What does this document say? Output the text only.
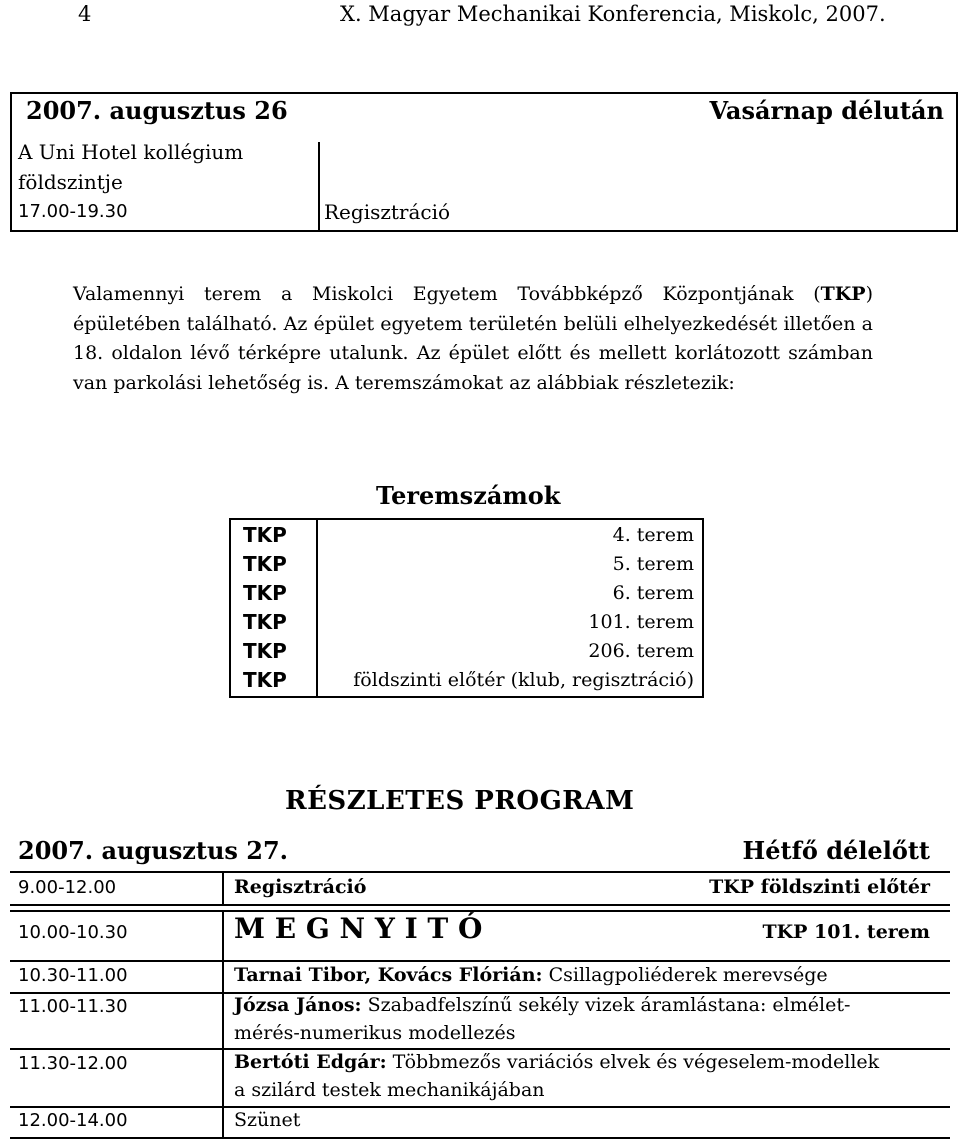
4	X. Magyar Mechanikai Konferencia, Miskolc, 2007.
2007. augusztus 26	Vasárnap délután
A Uni Hotel kollégium
földszintje
17.00-19.30	Regisztráció
Valamennyi terem a Miskolci Egyetem Továbbképző Központjának (TKP) épületében található. Az épület egyetem területén belüli elhelyezkedését illetően a 18. oldalon lévő térképre utalunk. Az épület előtt és mellett korlátozott számban van parkolási lehetőség is. A teremszámokat az alábbiak részletezik:
Teremszámok
TKP	4. terem
TKP	5. terem
TKP	6. terem
TKP	101. terem
TKP	206. terem
TKP	földszinti előtér (klub, regisztráció)
RÉSZLETES PROGRAM
2007. augusztus 27.	Hétfő délelőtt
9.00-12.00	Regisztráció	TKP földszinti előtér
10.00-10.30	M E G N Y I T Ó	TKP 101. terem
10.30-11.00	Tarnai Tibor, Kovács Flórián: Csillagpoliéderek merevsége
11.00-11.30	Józsa János: Szabadfelszínű sekély vizek áramlástana: elmélet-
mérés-numerikus modellezés
11.30-12.00	Bertóti Edgár: Többmezős variációs elvek és végeselem-modellek
a szilárd testek mechanikájában
12.00-14.00	Szünet
